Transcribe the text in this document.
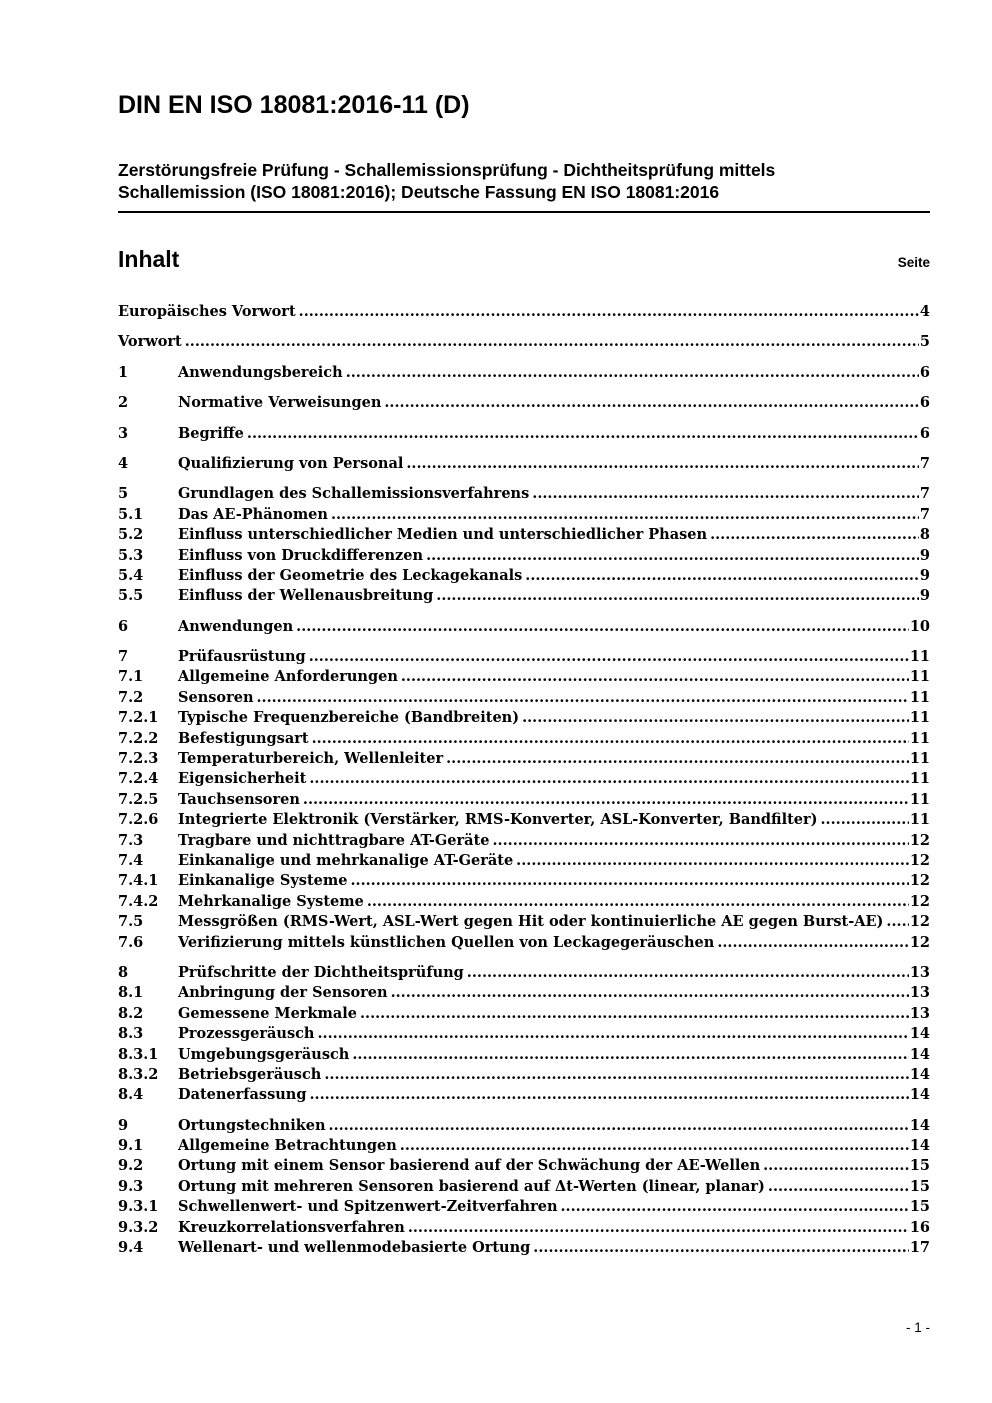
DIN EN ISO 18081:2016-11 (D)
Zerstörungsfreie Prüfung - Schallemissionsprüfung - Dichtheitsprüfung mittels
Schallemission (ISO 18081:2016); Deutsche Fassung EN ISO 18081:2016
Inhalt	Seite
Europäisches Vorwort .....	4
Vorwort .....	5
1	Anwendungsbereich .....	6
2	Normative Verweisungen .....	6
3	Begriffe .....	6
4	Qualifizierung von Personal .....	7
5	Grundlagen des Schallemissionsverfahrens .....	7
5.1	Das AE-Phänomen .....	7
5.2	Einfluss unterschiedlicher Medien und unterschiedlicher Phasen .....	8
5.3	Einfluss von Druckdifferenzen .....	9
5.4	Einfluss der Geometrie des Leckagekanals .....	9
5.5	Einfluss der Wellenausbreitung .....	9
6	Anwendungen .....	10
7	Prüfausrüstung .....	11
7.1	Allgemeine Anforderungen .....	11
7.2	Sensoren .....	11
7.2.1	Typische Frequenzbereiche (Bandbreiten) .....	11
7.2.2	Befestigungsart .....	11
7.2.3	Temperaturbereich, Wellenleiter .....	11
7.2.4	Eigensicherheit .....	11
7.2.5	Tauchsensoren .....	11
7.2.6	Integrierte Elektronik (Verstärker, RMS-Konverter, ASL-Konverter, Bandfilter) .....	11
7.3	Tragbare und nichttragbare AT-Geräte .....	12
7.4	Einkanalige und mehrkanalige AT-Geräte .....	12
7.4.1	Einkanalige Systeme .....	12
7.4.2	Mehrkanalige Systeme .....	12
7.5	Messgrößen (RMS-Wert, ASL-Wert gegen Hit oder kontinuierliche AE gegen Burst-AE) ..... 12
7.6	Verifizierung mittels künstlichen Quellen von Leckagegeräuschen .....	12
8	Prüfschritte der Dichtheitsprüfung .....	13
8.1	Anbringung der Sensoren .....	13
8.2	Gemessene Merkmale .....	13
8.3	Prozessgeräusch .....	14
8.3.1	Umgebungsgeräusch .....	14
8.3.2	Betriebsgeräusch .....	14
8.4	Datenerfassung .....	14
9	Ortungstechniken .....	14
9.1	Allgemeine Betrachtungen .....	14
9.2	Ortung mit einem Sensor basierend auf der Schwächung der AE-Wellen .....	15
9.3	Ortung mit mehreren Sensoren basierend auf Δt-Werten (linear, planar) .....	15
9.3.1	Schwellenwert- und Spitzenwert-Zeitverfahren .....	15
9.3.2	Kreuzkorrelationsverfahren .....	16
9.4	Wellenart- und wellenmodebasierte Ortung .....	17
- 1 -
